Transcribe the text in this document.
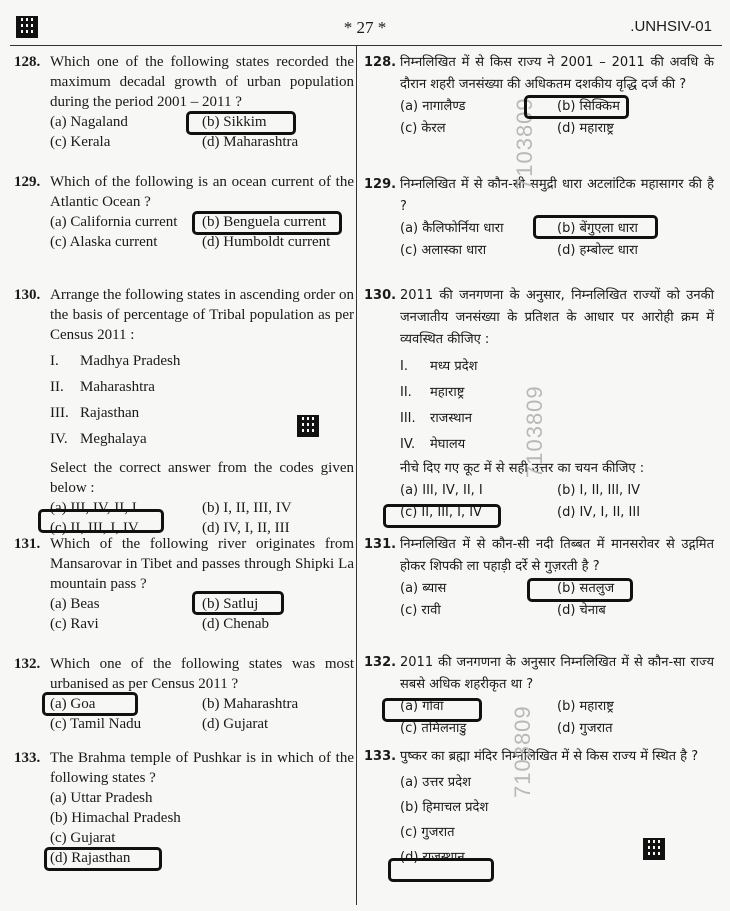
* 27 *	.UNHSIV-01
128. Which one of the following states recorded the maximum decadal growth of urban population during the period 2001 – 2011 ?
(a) Nagaland	(b) Sikkim
(c) Kerala	(d) Maharashtra
129. Which of the following is an ocean current of the Atlantic Ocean ?
(a) California current	(b) Benguela current
(c) Alaska current	(d) Humboldt current
130. Arrange the following states in ascending order on the basis of percentage of Tribal population as per Census 2011 :
I.	Madhya Pradesh
II.	Maharashtra
III. Rajasthan
IV. Meghalaya
Select the correct answer from the codes given below :
(a) III, IV, II, I	(b) I, II, III, IV
(c) II, III, I, IV	(d) IV, I, II, III
131. Which of the following river originates from Mansarovar in Tibet and passes through Shipki La mountain pass ?
(a) Beas	(b) Satluj
(c) Ravi	(d) Chenab
132. Which one of the following states was most urbanised as per Census 2011 ?
(a) Goa	(b) Maharashtra
(c) Tamil Nadu	(d) Gujarat
133. The Brahma temple of Pushkar is in which of the following states ?
(a) Uttar Pradesh
(b) Himachal Pradesh
(c) Gujarat
(d) Rajasthan
128. निम्नलिखित में से किस राज्य ने 2001 – 2011 की अवधि के दौरान शहरी जनसंख्या की अधिकतम दशकीय वृद्धि दर्ज की ?
(a) नागालैण्ड	(b) सिक्किम
(c) केरल	(d) महाराष्ट्र
129. निम्नलिखित में से कौन-सी समुद्री धारा अटलांटिक महासागर की है ?
(a) कैलिफोर्निया धारा	(b) बेंगुएला धारा
(c) अलास्का धारा	(d) हम्बोल्ट धारा
130. 2011 की जनगणना के अनुसार, निम्नलिखित राज्यों को उनकी जनजातीय जनसंख्या के प्रतिशत के आधार पर आरोही क्रम में व्यवस्थित कीजिए :
I.	मध्य प्रदेश
II.	महाराष्ट्र
III.	राजस्थान
IV.	मेघालय
नीचे दिए गए कूट में से सही उत्तर का चयन कीजिए :
(a) III, IV, II, I	(b) I, II, III, IV
(c) II, III, I, IV	(d) IV, I, II, III
131. निम्नलिखित में से कौन-सी नदी तिब्बत में मानसरोवर से उद्गमित होकर शिपकी ला पहाड़ी दर्रे से गुज़रती है ?
(a) ब्यास	(b) सतलुज
(c) रावी	(d) चेनाब
132. 2011 की जनगणना के अनुसार निम्नलिखित में से कौन-सा राज्य सबसे अधिक शहरीकृत था ?
(a) गोवा	(b) महाराष्ट्र
(c) तमिलनाडु	(d) गुजरात
133. पुष्कर का ब्रह्मा मंदिर निम्नलिखित में से किस राज्य में स्थित है ?
(a) उत्तर प्रदेश
(b) हिमाचल प्रदेश
(c) गुजरात
(d) राजस्थान
7103809
7103809
7103809
